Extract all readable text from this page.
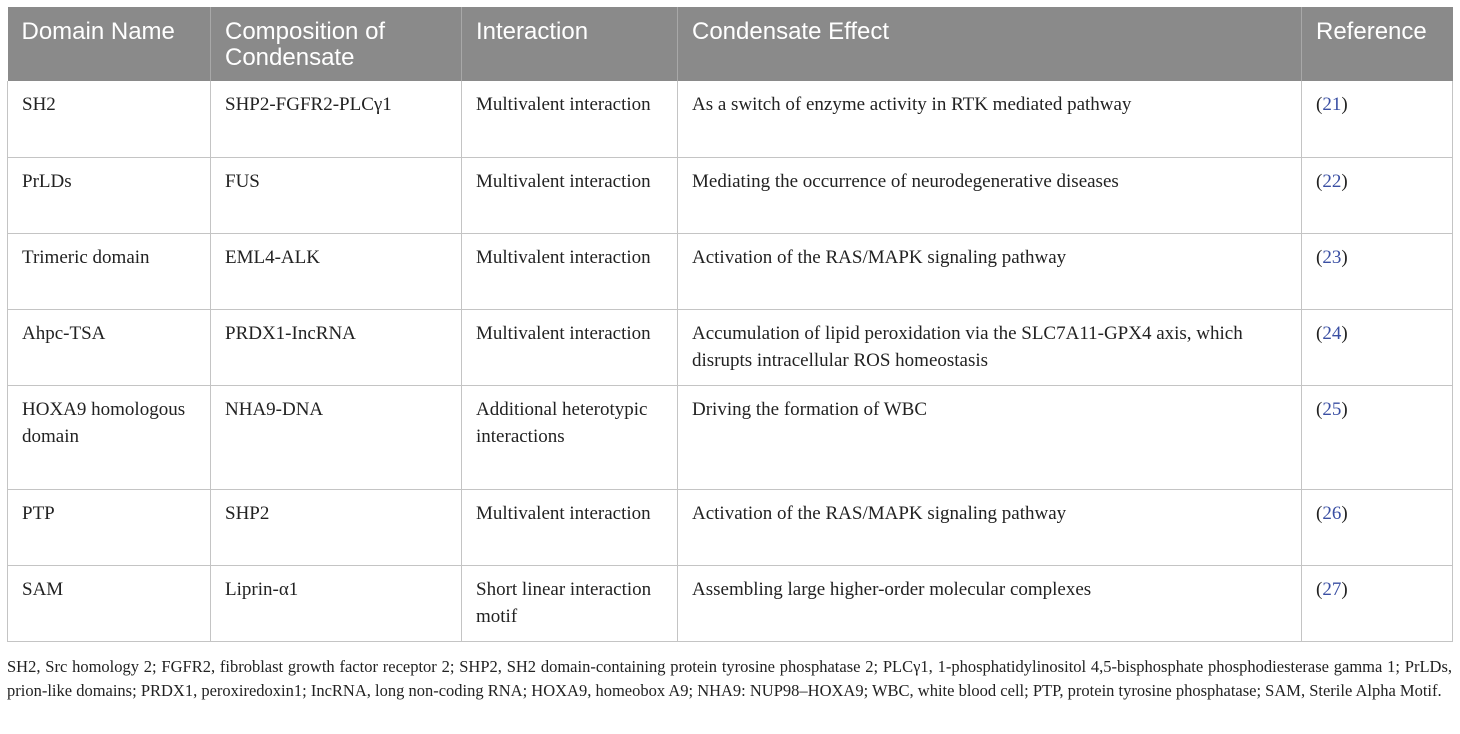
Domain Name	Composition of Condensate	Interaction	Condensate Effect	Reference
SH2	SHP2-FGFR2-PLCγ1	Multivalent interaction	As a switch of enzyme activity in RTK mediated pathway	(21)
PrLDs	FUS	Multivalent interaction	Mediating the occurrence of neurodegenerative diseases	(22)
Trimeric domain	EML4-ALK	Multivalent interaction	Activation of the RAS/MAPK signaling pathway	(23)
Ahpc-TSA	PRDX1-IncRNA	Multivalent interaction	Accumulation of lipid peroxidation via the SLC7A11-GPX4 axis, which disrupts intracellular ROS homeostasis	(24)
HOXA9 homologous domain	NHA9-DNA	Additional heterotypic interactions	Driving the formation of WBC	(25)
PTP	SHP2	Multivalent interaction	Activation of the RAS/MAPK signaling pathway	(26)
SAM	Liprin-α1	Short linear interaction motif	Assembling large higher-order molecular complexes	(27)

SH2, Src homology 2; FGFR2, fibroblast growth factor receptor 2; SHP2, SH2 domain-containing protein tyrosine phosphatase 2; PLCγ1, 1-phosphatidylinositol 4,5-bisphosphate phosphodiesterase gamma 1; PrLDs, prion-like domains; PRDX1, peroxiredoxin1; IncRNA, long non-coding RNA; HOXA9, homeobox A9; NHA9: NUP98–HOXA9; WBC, white blood cell; PTP, protein tyrosine phosphatase; SAM, Sterile Alpha Motif.
